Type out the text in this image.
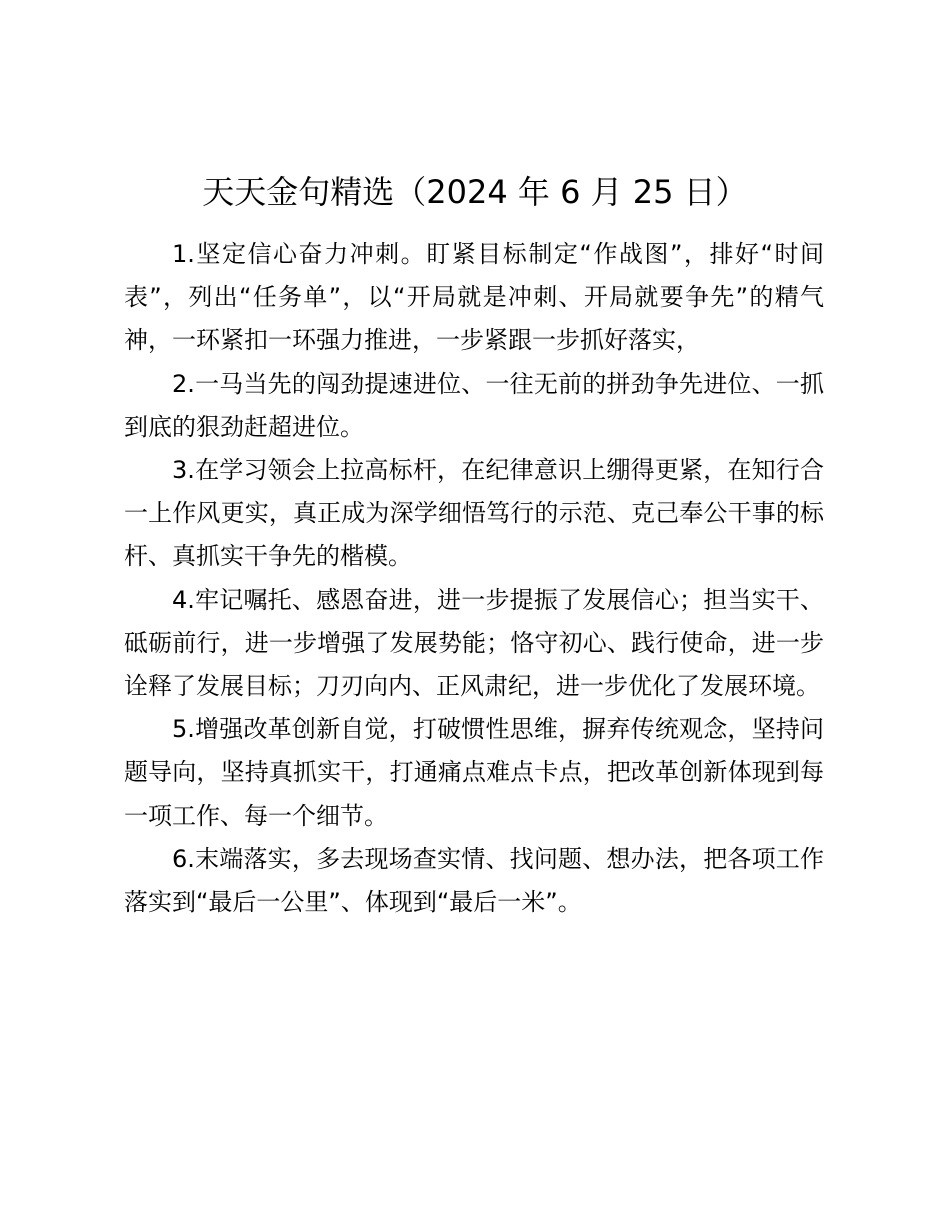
天天金句精选（2024 年 6 月 25 日）

1.坚定信心奋力冲刺。盯紧目标制定“作战图”，排好“时间表”，列出“任务单”，以“开局就是冲刺、开局就要争先”的精气神，一环紧扣一环强力推进，一步紧跟一步抓好落实，

2.一马当先的闯劲提速进位、一往无前的拼劲争先进位、一抓到底的狠劲赶超进位。

3.在学习领会上拉高标杆，在纪律意识上绷得更紧，在知行合一上作风更实，真正成为深学细悟笃行的示范、克己奉公干事的标杆、真抓实干争先的楷模。

4.牢记嘱托、感恩奋进，进一步提振了发展信心；担当实干、砥砺前行，进一步增强了发展势能；恪守初心、践行使命，进一步诠释了发展目标；刀刃向内、正风肃纪，进一步优化了发展环境。

5.增强改革创新自觉，打破惯性思维，摒弃传统观念，坚持问题导向，坚持真抓实干，打通痛点难点卡点，把改革创新体现到每一项工作、每一个细节。

6.末端落实，多去现场查实情、找问题、想办法，把各项工作落实到“最后一公里”、体现到“最后一米”。
